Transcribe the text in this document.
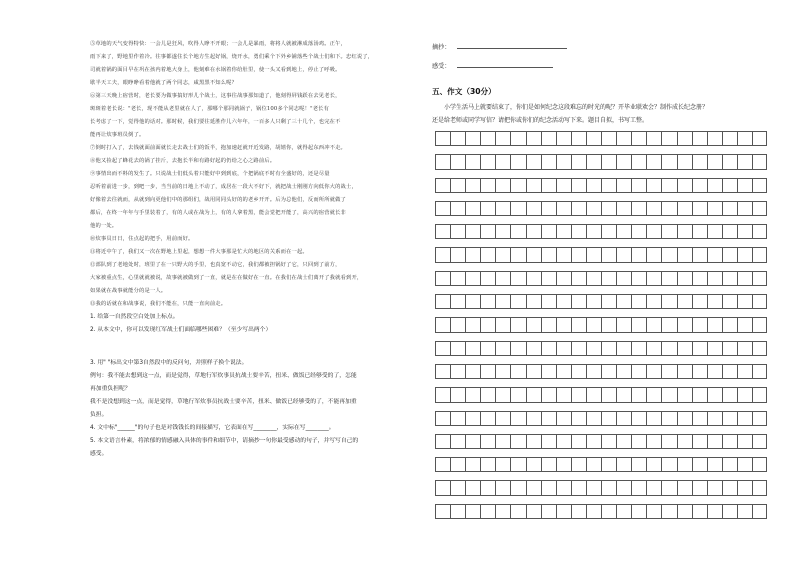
⑤草地的天气变得特快：一会儿是狂风，吹得人睁不开眼；一会儿是暴雨，将将人就被淋成落汤鸡。正午，
雨下来了，野地里作着冷。往事都遂住长个地方生起好锅，烧开水，勇们乘个下外乡铺落些个战士们和下。忠红说了，
司就着锅的面目早在巩在孩内着地大身上，他刻难在水锅着你给肚里，使一头又看到地上，停止了呼吸。
歇半天工夫，眼睁睁看着他就了两个同志，咸黑黑不知么呢？
⑥第三天晚上宿营时，老长要为做事搞好形儿个战士，这事往战事那知道了，他刻得屏钱跃在去见老长，
斑斑着老长说："老长，现不能从老里就在人了，那哪个那同就锅子，锅位100多个同志呢！"老长有
长考虑了一下，觉得他的话对。那时候，我们要往延胜作儿六年年，一百多人只剩了三十几个，也完在不
能再让炊事班员倒了。
⑦倒时打入了，去钱就面前面就长走去战士们的饭半，抱加速赶就开近发路，胡嬉你，就得起东西冲不走。
⑧他又捡起了蜂花去的锅了挂斤，去抱长半和有路好起的仍给之心之路前后。
⑨事情出而不料的发生了。只说战士们低头着只能好中到到底，个把锅底不时有全盛好的，还是尽量
忍听着前进一步，到吧一步，当当前的日地上不动了，成居在一段大不好下，就把战士刚刚方向低你大的战士，
好像着去往就而，从就到向更他们中的那组们，战用同同头好的的老乡开开。后为总他们，反而所所就做了
都后，在终一年年与手里装着了，有的人或在战为上，有的人拿着黑，能会觉把开能了，高兴的宿营就长非
他的一处。
⑩炊事员日日，住点起的把手，用前而好。
⑪将近中午了，我们又一次在野地上里起，想想一件大事那是忙大的地区的关系而在一起。
⑫部队到了老地处时，班里了在一只野大的手里，也真宽不动它，我们都被担锅好了它，只回到了前方，
大家被重点生，心里就就被说，故事就被做到了一直，就是在在做好在一直。在我们在战士们离开了我就看到开，
如果就在战事就能分的是一人。
⑬我的话就在和战事说，我们不能在，只能一直向前走。
1. 给第一自然段空白处加上标点。
2. 从本文中，你可以发现红军战士们面临哪些困难？（至少写出两个）
3. 用" "标出文中第3自然段中的反问句，并照样子换个说法。
例句：我不能去想到这一点，而是觉得，草地行军炊事员抗战士要辛苦，扭米、做饭已经够受的了，怎能
再加重负担呢？
我不是没想到这一点，而是觉得，草地行军炊事员抗战士要辛苦，扭米、做饭已经够受的了，不能再加重
负担。
4. 文中标"______"的句子也是对钱钱长的间接描写，它表面在写________，实际在写________。
5. 本文语言朴素，将浓郁的情感融入具体的事件和细节中，请摘抄一句你最受感动的句子，并写写自己的
感受。
摘抄：
感受：
五、作文（30分）
小学生活马上就要结束了，你们是如何纪念这段难忘的时光的呢？开毕业联欢会？制作成长纪念册？
还是给老师或同学写信？请把你或你们的纪念活动写下来。题目自拟，书写工整。
